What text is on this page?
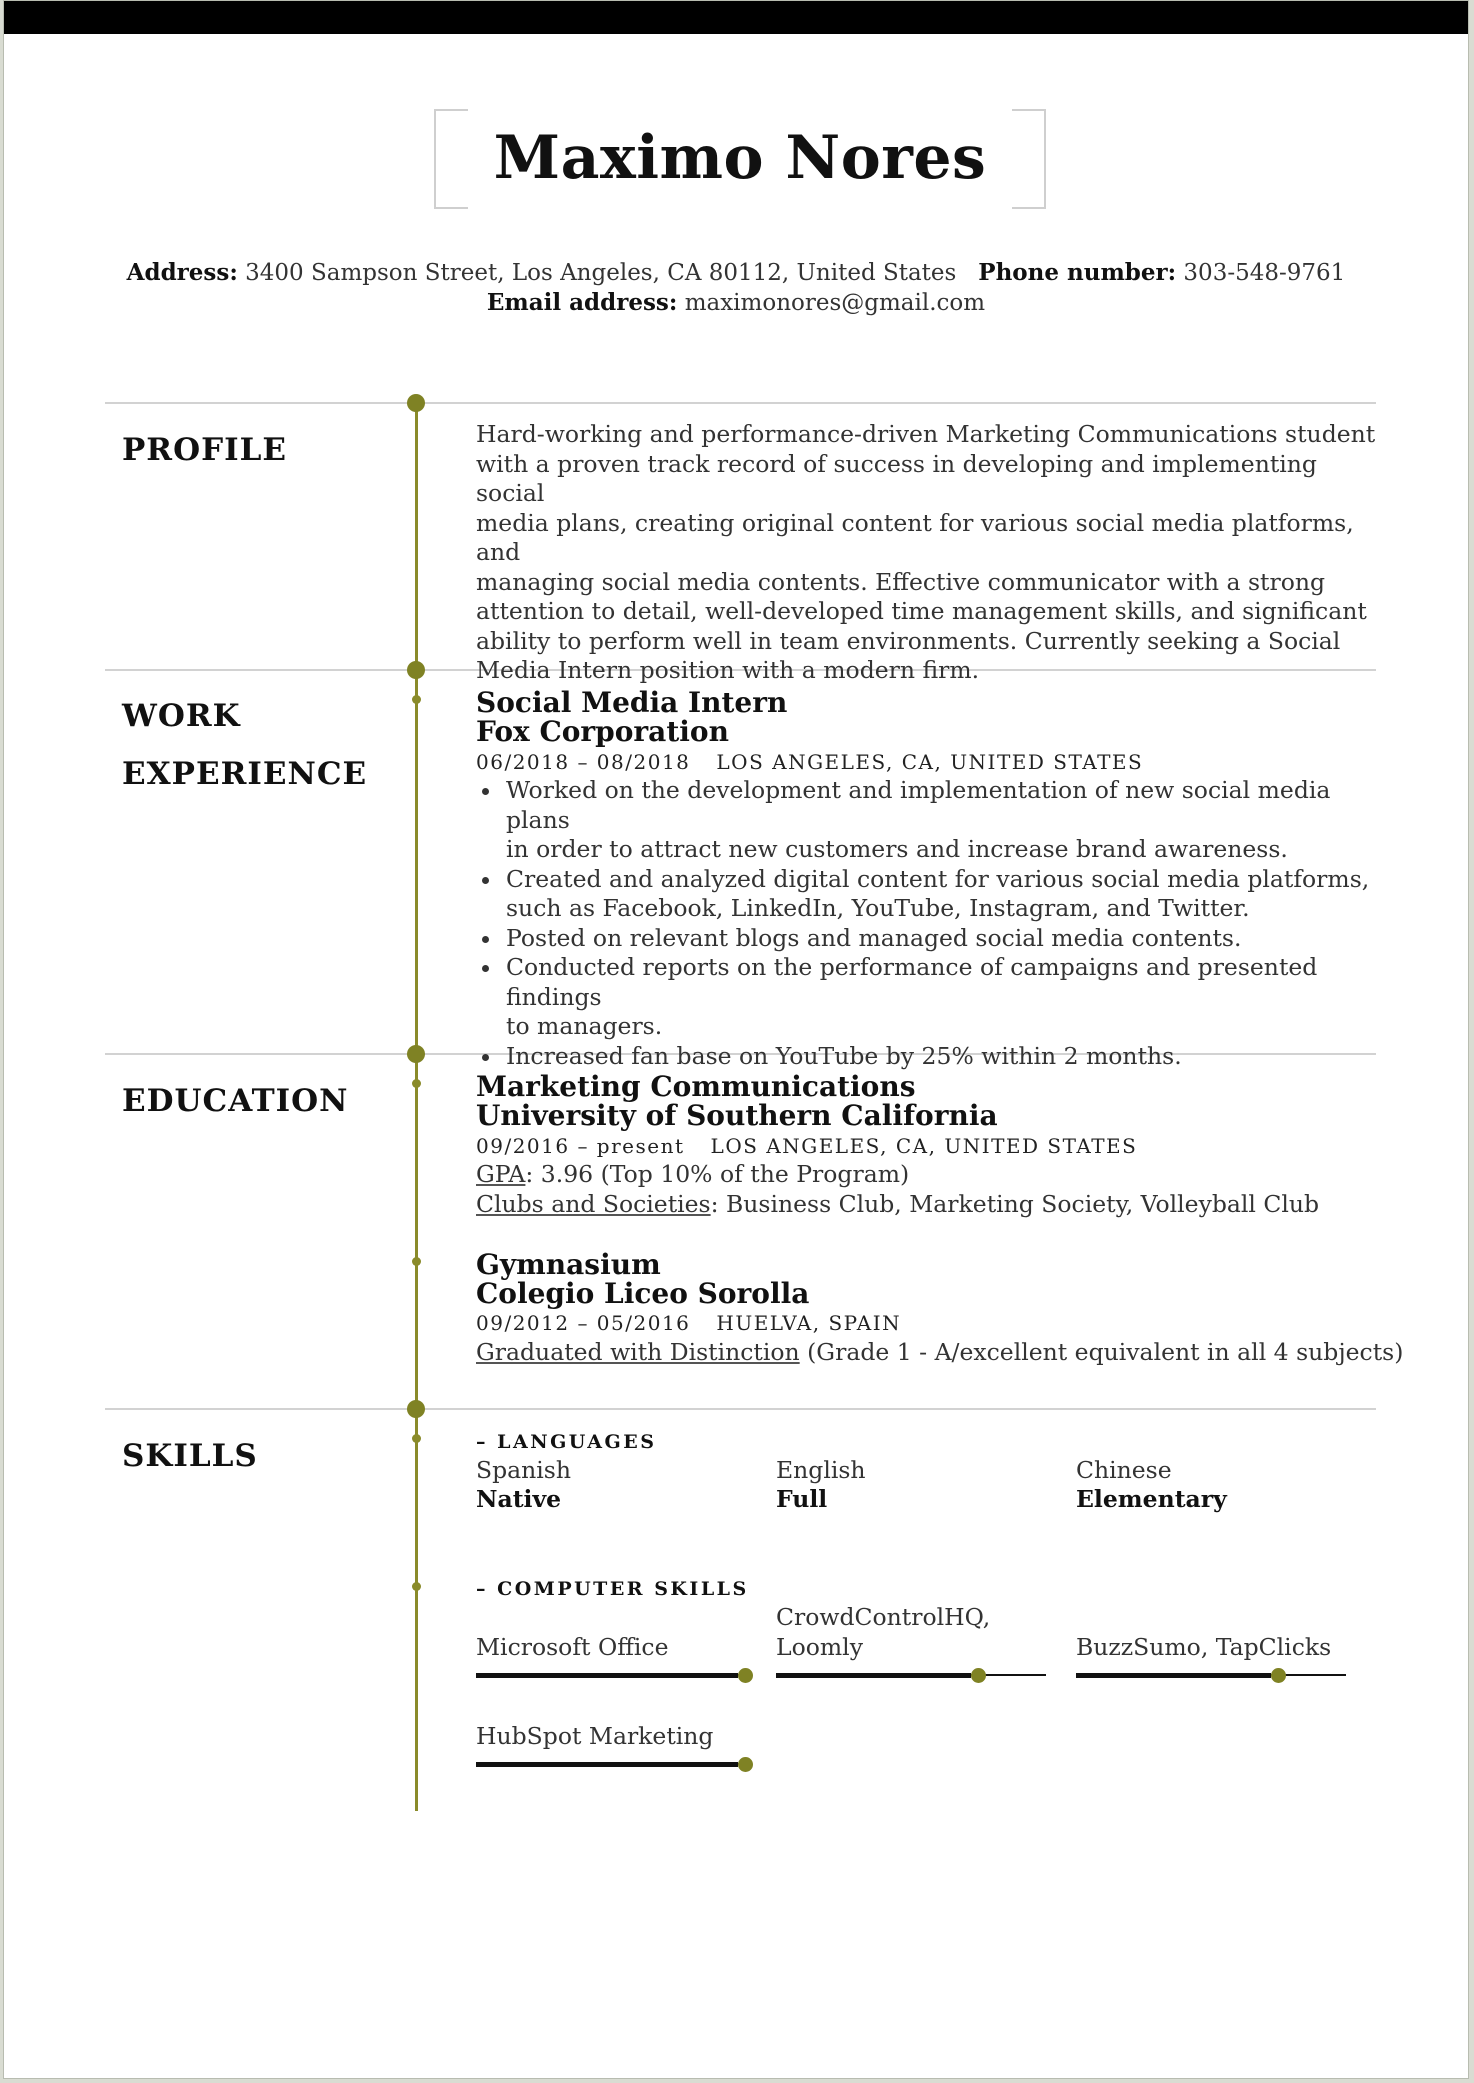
Maximo Nores
Address: 3400 Sampson Street, Los Angeles, CA 80112, United States Phone number: 303-548-9761
Email address: maximonores@gmail.com
PROFILE	Hard-working and performance-driven Marketing Communications student
with a proven track record of success in developing and implementing social
media plans, creating original content for various social media platforms, and
managing social media contents. Effective communicator with a strong
attention to detail, well-developed time management skills, and significant
ability to perform well in team environments. Currently seeking a Social
Media Intern position with a modern firm.
WORK
EXPERIENCE
Social Media Intern
Fox Corporation
06/2018 – 08/2018 LOS ANGELES, CA, UNITED STATES
Worked on the development and implementation of new social media plans
in order to attract new customers and increase brand awareness.
Created and analyzed digital content for various social media platforms,
such as Facebook, LinkedIn, YouTube, Instagram, and Twitter.
Posted on relevant blogs and managed social media contents.
Conducted reports on the performance of campaigns and presented findings
to managers.
Increased fan base on YouTube by 25% within 2 months.
EDUCATION	Marketing Communications
University of Southern California
09/2016 – present LOS ANGELES, CA, UNITED STATES
GPA: 3.96 (Top 10% of the Program)
Clubs and Societies: Business Club, Marketing Society, Volleyball Club
Gymnasium
Colegio Liceo Sorolla
09/2012 – 05/2016 HUELVA, SPAIN
Graduated with Distinction (Grade 1 - A/excellent equivalent in all 4 subjects)
SKILLS	– LANGUAGES
Spanish
Native
English
Full
Chinese
Elementary
– COMPUTER SKILLS
Microsoft Office
CrowdControlHQ, Loomly	BuzzSumo, TapClicks
HubSpot Marketing
